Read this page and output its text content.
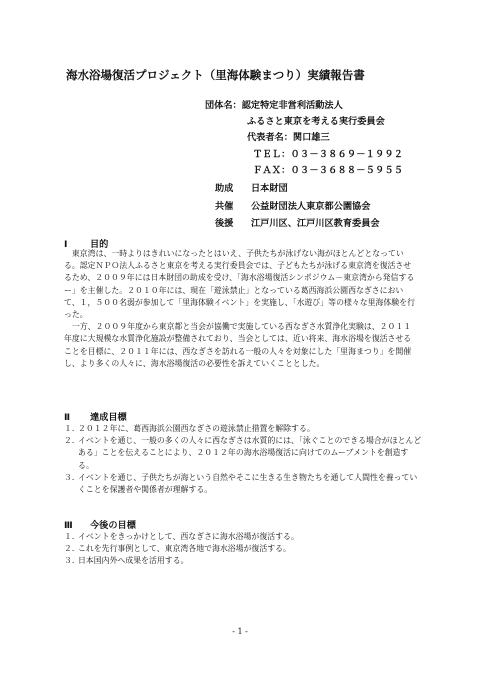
海水浴場復活プロジェクト（里海体験まつり）実績報告書
団体名：認定特定非営利活動法人
ふるさと東京を考える実行委員会
代表者名：関口雄三
ＴＥＬ：０３－３８６９－１９９２
ＦＡＸ：０３－３６８８－５９５５
助成	日本財団
共催	公益財団法人東京都公園協会
後援	江戸川区、江戸川区教育委員会
Ⅰ 目的

東京湾は、一時よりはきれいになったとはいえ、子供たちが泳げない海がほとんどとなっている。認定ＮＰＯ法人ふるさと東京を考える実行委員会では、子どもたちが泳げる東京湾を復活させるため、２００９年には日本財団の助成を受け、「海水浴場復活シンポジウム－東京湾から発信するー」を主催した。２０１０年には、現在「遊泳禁止」となっている葛西海浜公園西なぎさにおいて、１，５００名弱が参加して「里海体験イベント」を実施し、「水遊び」等の様々な里海体験を行った。

一方、２００９年度から東京都と当会が協働で実施している西なぎさ水質浄化実験は、２０１１年度に大規模な水質浄化施設が整備されており、当会としては、近い将来、海水浴場を復活させることを目標に、２０１１年には、西なぎさを訪れる一般の人々を対象にした「里海まつり」を開催し、より多くの人々に、海水浴場復活の必要性を訴えていくこととした。

Ⅱ 達成目標
１．
２０１２年に、葛西海浜公園西なぎさの遊泳禁止措置を解除する。
２．
イベントを通じ、一般の多くの人々に西なぎさは水質的には、「泳ぐことのできる場合がほとんどある」ことを伝えることにより、２０１２年の海水浴場復活に向けてのムーブメントを創造する。
３．
イベントを通じ、子供たちが海という自然やそこに生きる生き物たちを通して人間性を養っていくことを保護者や関係者が理解する。
Ⅲ 今後の目標
１．
イベントをきっかけとして、西なぎさに海水浴場が復活する。
２．
これを先行事例として、東京湾各地で海水浴場が復活する。
３．
日本国内外へ成果を活用する。
- 1 -
